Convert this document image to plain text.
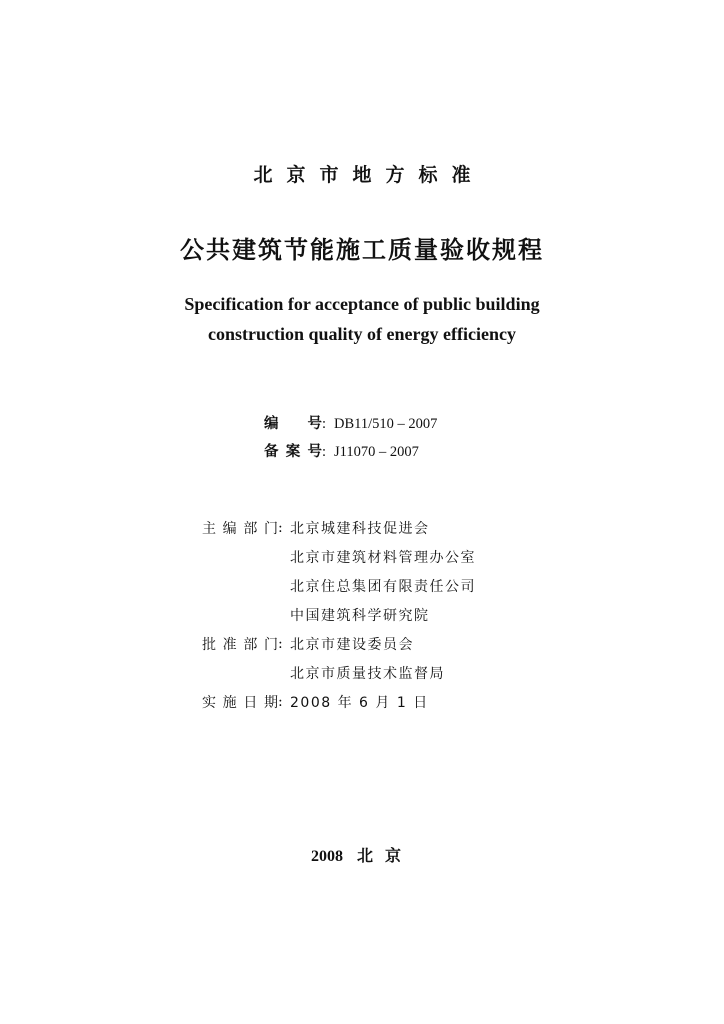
北京市地方标准
公共建筑节能施工质量验收规程
Specification for acceptance of public building
construction quality of energy efficiency
编号: DB11/510 – 2007
备案号: J11070 – 2007
主编部门 : 北京城建科技促进会
北京市建筑材料管理办公室
北京住总集团有限责任公司
中国建筑科学研究院
批准部门 : 北京市建设委员会
北京市质量技术监督局
实施日期 : 2008 年 6 月 1 日
2008 北京
